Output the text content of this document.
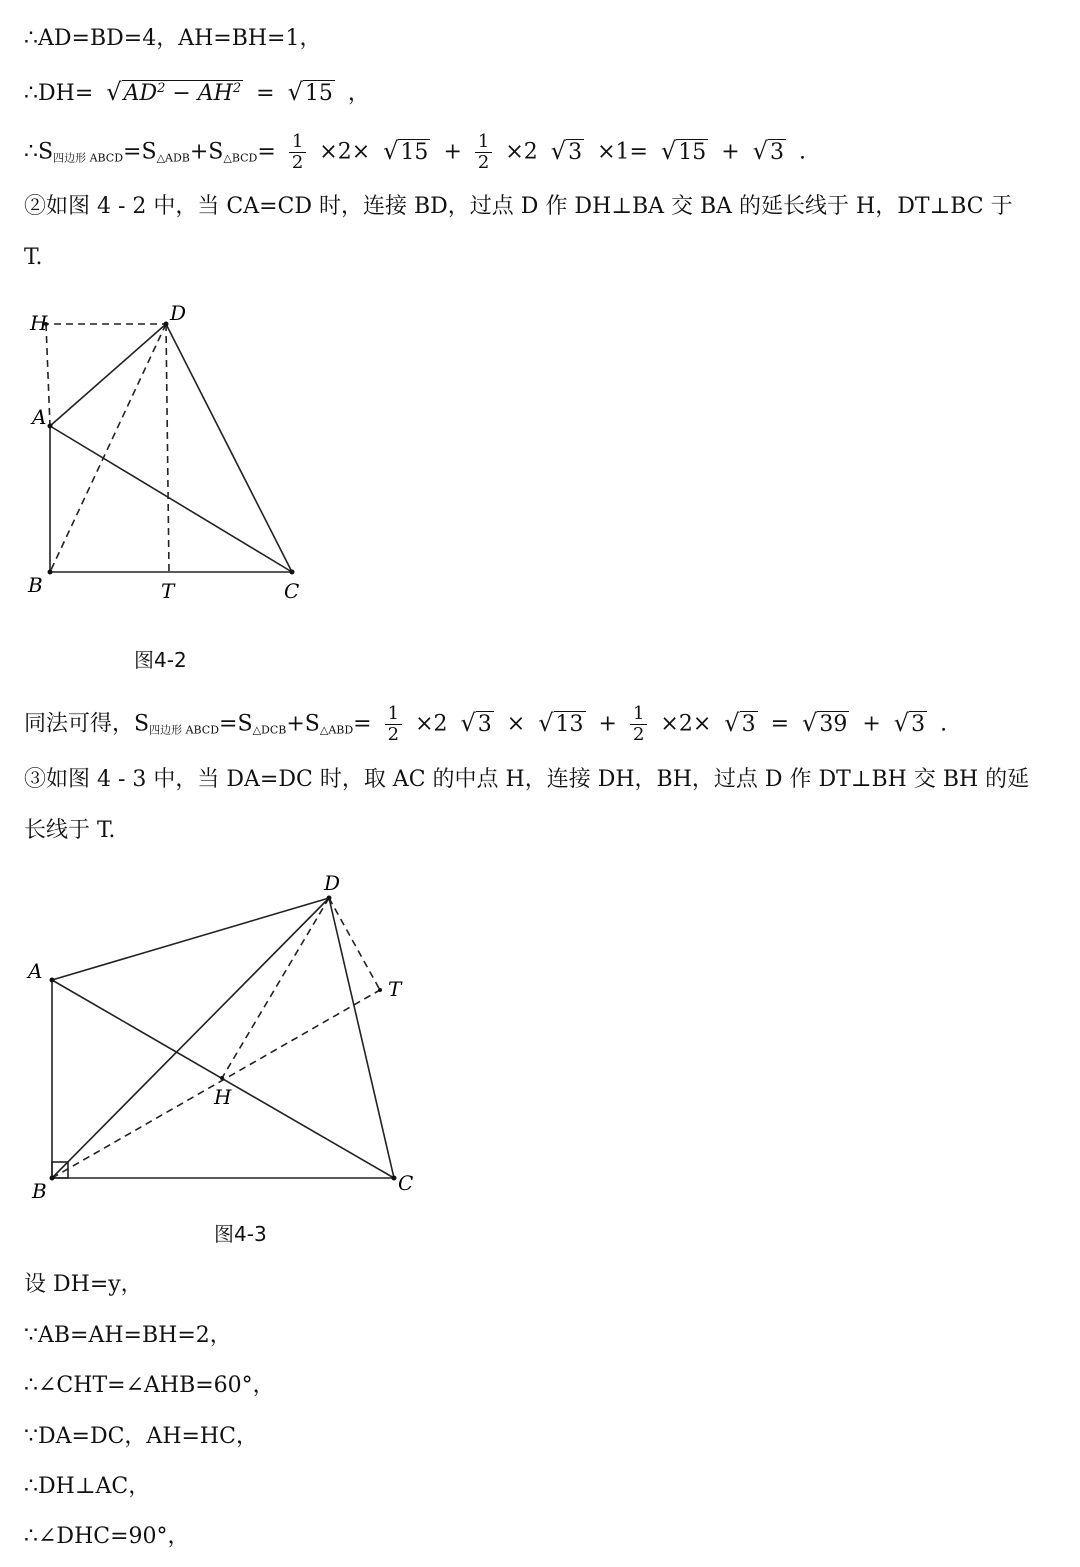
∴AD=BD=4，AH=BH=1，
∴DH= $√AD^2 - AH^2 = √15$ ，
$\therefore S_{四边形 ABCD}=S_{\triangle ADB}+S_{\triangle BCD}= \frac{1}{2} \times 2\times √15 + \frac{1}{2} \times 2$ √3 ×1= √15 + √3 .
②如图 4 - 2 中，当 CA=CD 时，连接 BD，过点 D 作 DH⊥BA 交 BA 的延长线于 H，DT⊥BC 于
T.
H	D
A
B	T	C
图4-2
同法可得，$S_{四边形 ABCD}=S_{\triangle DCB}+S_{\triangle ABD}= \frac{1}{2} \times 2$ $√3 \times √13 + \frac{1}{2} \times 2\times √3 = √39 + √3$ .
③如图 4 - 3 中，当 DA=DC 时，取 AC 的中点 H，连接 DH，BH，过点 D 作 DT⊥BH 交 BH 的延
长线于 T.
D
A
T
H
B	C
图4-3
设 DH=y，
∵AB=AH=BH=2，
∴∠CHT=∠AHB=60°，
∵DA=DC，AH=HC，
∴DH⊥AC，
∴∠DHC=90°，
